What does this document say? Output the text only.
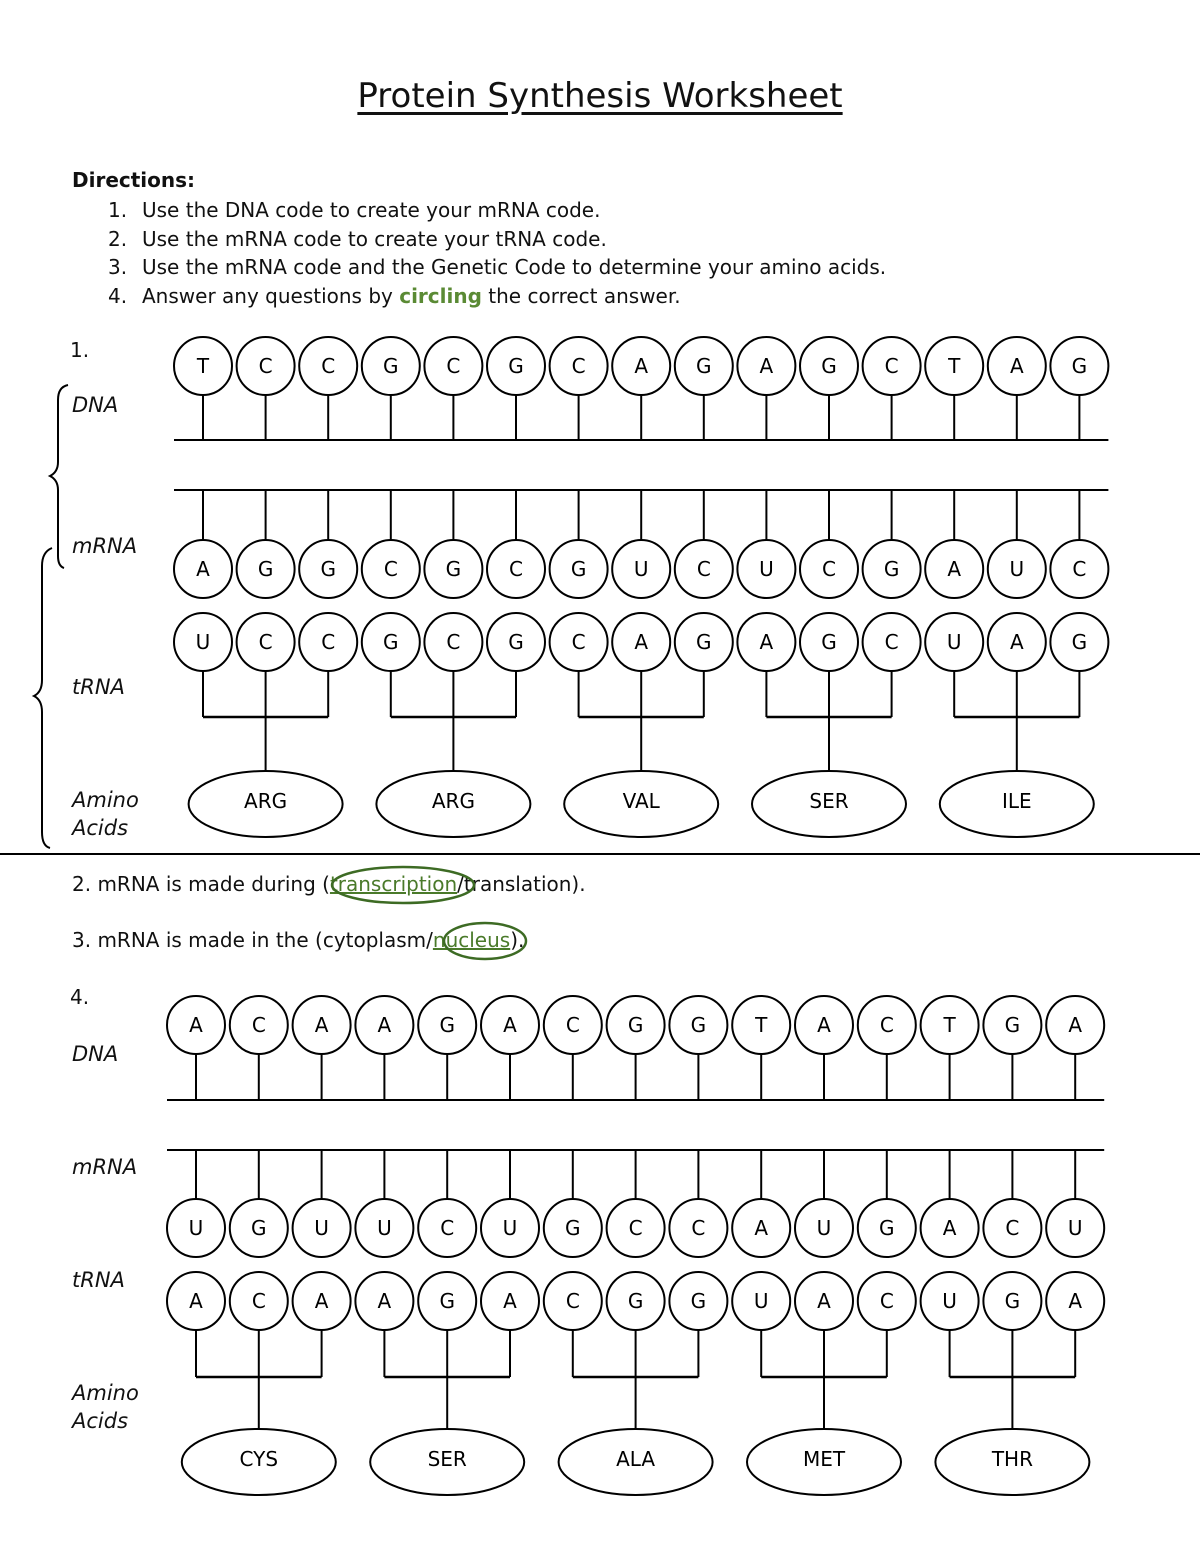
Protein Synthesis Worksheet
Directions:
1. Use the DNA code to create your mRNA code.
2. Use the mRNA code to create your tRNA code.
3. Use the mRNA code and the Genetic Code to determine your amino acids.
4. Answer any questions by circling the correct answer.
1.
DNA
mRNA
tRNA
Amino
Acids
T C C G C G C A G A G C T A G
A G G C G C G U C U C G A U C
U C C G C G C A G A G C U A G
ARG	ARG	VAL	SER	ILE
2. mRNA is made during (transcription/translation).
3. mRNA is made in the (cytoplasm/nucleus).
4.
DNA
mRNA
tRNA
Amino
Acids
A C A A G A C G G T A C T G A
U G U U C U G C C A U G A C U
A C A A G A C G G U A C U G A
CYS	SER	ALA	MET	THR
